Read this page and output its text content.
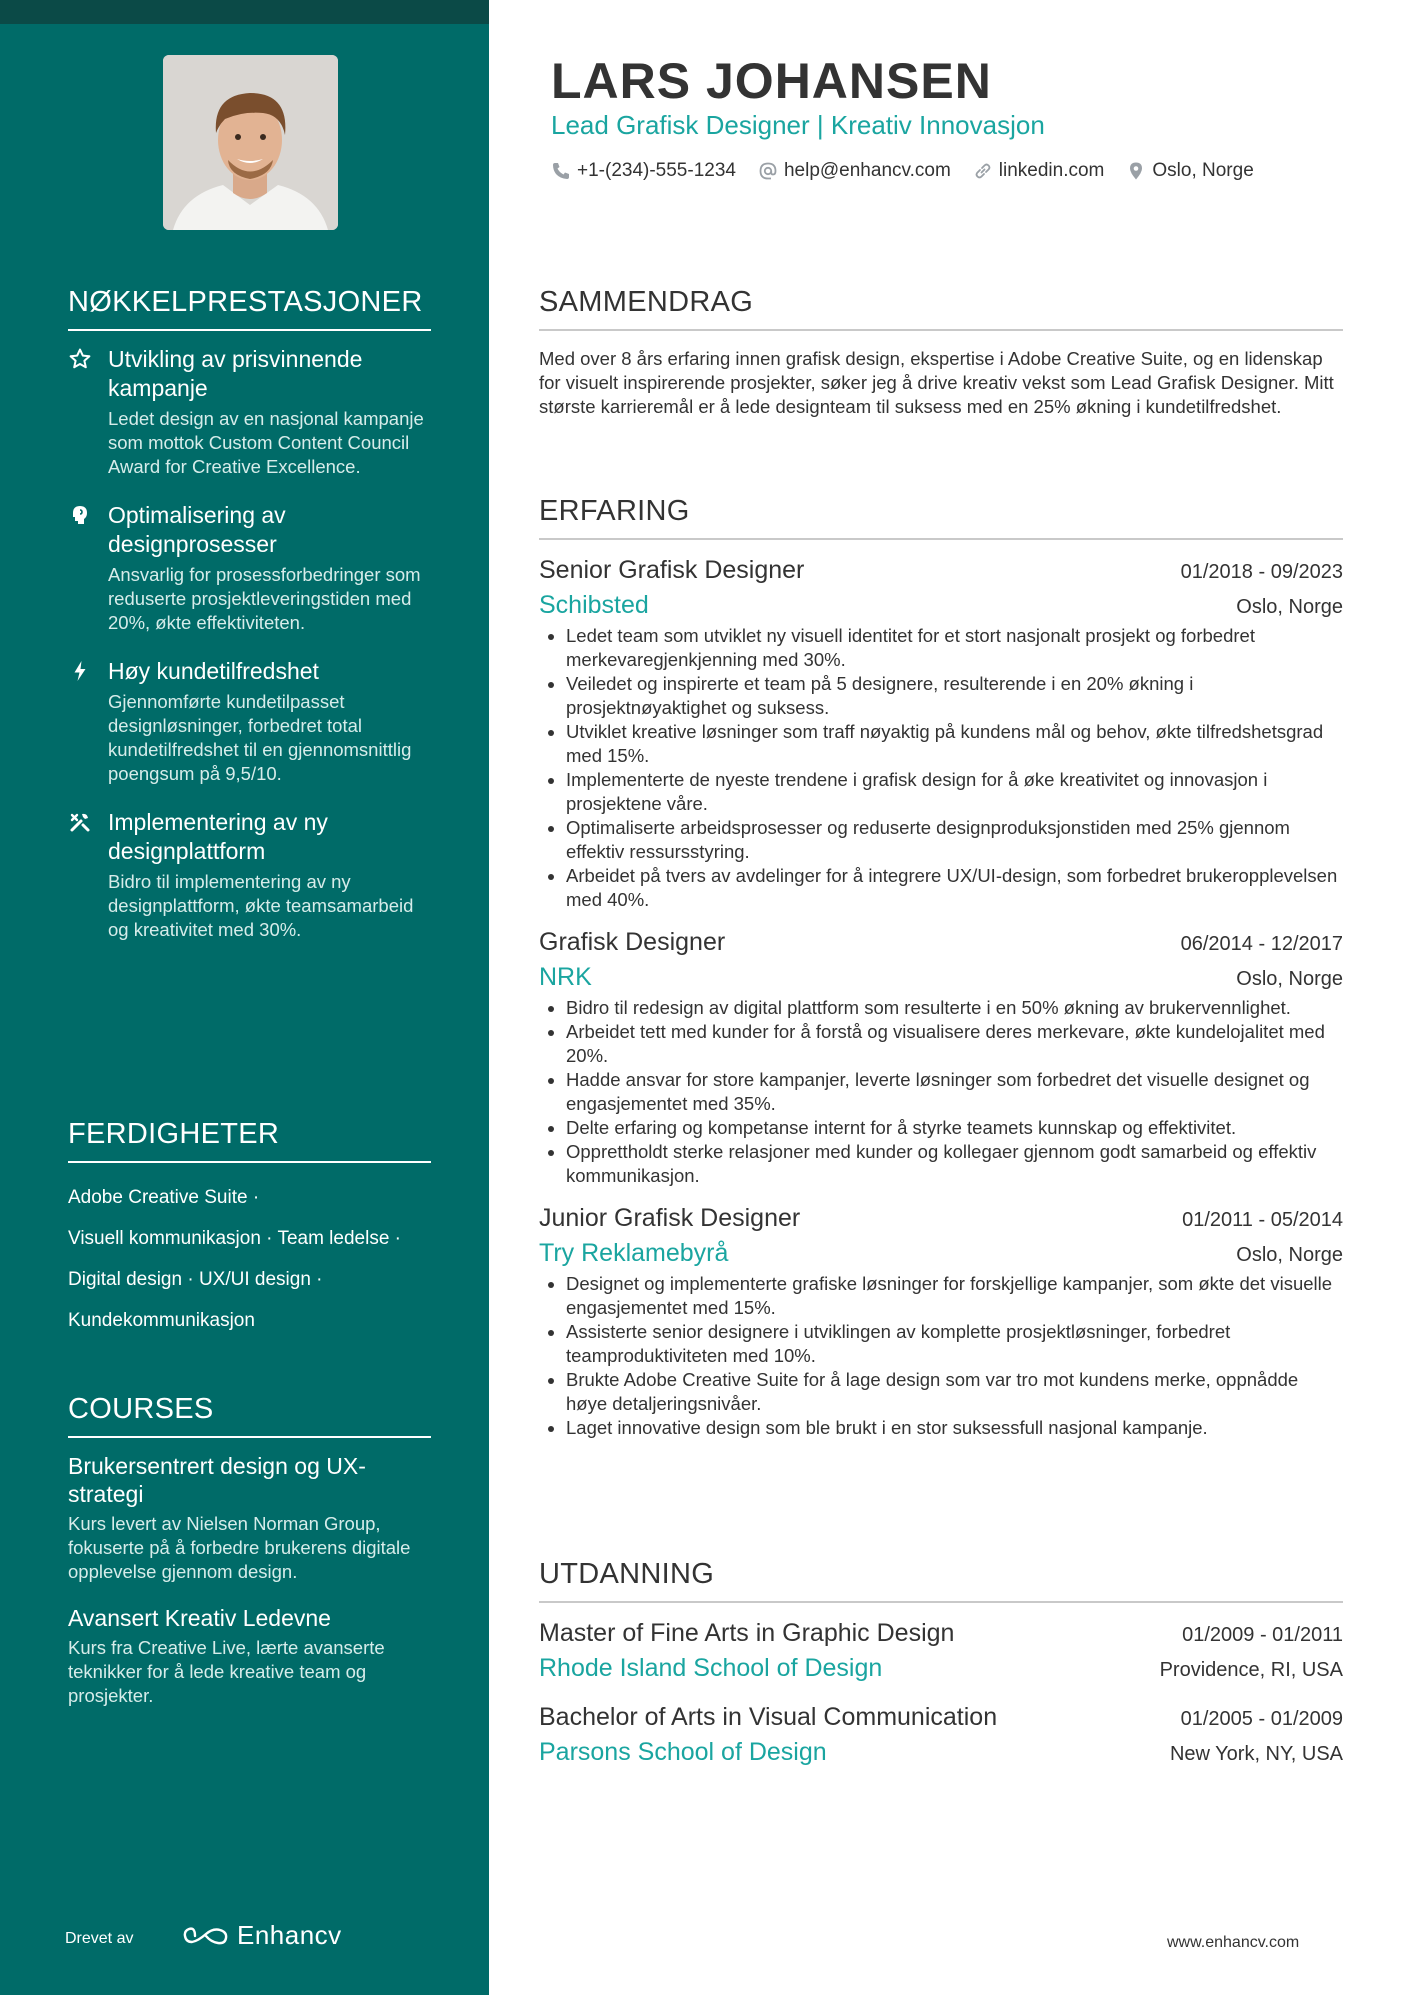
NØKKELPRESTASJONER
Utvikling av prisvinnende kampanje
Ledet design av en nasjonal kampanje som mottok Custom Content Council Award for Creative Excellence.
Optimalisering av designprosesser
Ansvarlig for prosessforbedringer som reduserte prosjektleveringstiden med 20%, økte effektiviteten.
Høy kundetilfredshet
Gjennomførte kundetilpasset designløsninger, forbedret total kundetilfredshet til en gjennomsnittlig poengsum på 9,5/10.
Implementering av ny designplattform
Bidro til implementering av ny designplattform, økte teamsamarbeid og kreativitet med 30%.
FERDIGHETER
Adobe Creative Suite ·
Visuell kommunikasjon · Team ledelse ·
Digital design · UX/UI design ·
Kundekommunikasjon
COURSES
Brukersentrert design og UX-strategi
Kurs levert av Nielsen Norman Group, fokuserte på å forbedre brukerens digitale opplevelse gjennom design.
Avansert Kreativ Ledevne
Kurs fra Creative Live, lærte avanserte teknikker for å lede kreative team og prosjekter.
Drevet av	Enhancv
LARS JOHANSEN
Lead Grafisk Designer | Kreativ Innovasjon
+1-(234)-555-1234	help@enhancv.com	linkedin.com	Oslo, Norge
SAMMENDRAG

Med over 8 års erfaring innen grafisk design, ekspertise i Adobe Creative Suite, og en lidenskap for visuelt inspirerende prosjekter, søker jeg å drive kreativ vekst som Lead Grafisk Designer. Mitt største karrieremål er å lede designteam til suksess med en 25% økning i kundetilfredshet.

ERFARING
Senior Grafisk Designer	01/2018 - 09/2023
Schibsted	Oslo, Norge
Ledet team som utviklet ny visuell identitet for et stort nasjonalt prosjekt og forbedret merkevaregjenkjenning med 30%.
Veiledet og inspirerte et team på 5 designere, resulterende i en 20% økning i prosjektnøyaktighet og suksess.
Utviklet kreative løsninger som traff nøyaktig på kundens mål og behov, økte tilfredshetsgrad med 15%.
Implementerte de nyeste trendene i grafisk design for å øke kreativitet og innovasjon i prosjektene våre.
Optimaliserte arbeidsprosesser og reduserte designproduksjonstiden med 25% gjennom effektiv ressursstyring.
Arbeidet på tvers av avdelinger for å integrere UX/UI-design, som forbedret brukeropplevelsen med 40%.
Grafisk Designer	06/2014 - 12/2017
NRK	Oslo, Norge
Bidro til redesign av digital plattform som resulterte i en 50% økning av brukervennlighet.
Arbeidet tett med kunder for å forstå og visualisere deres merkevare, økte kundelojalitet med 20%.
Hadde ansvar for store kampanjer, leverte løsninger som forbedret det visuelle designet og engasjementet med 35%.
Delte erfaring og kompetanse internt for å styrke teamets kunnskap og effektivitet.
Opprettholdt sterke relasjoner med kunder og kollegaer gjennom godt samarbeid og effektiv kommunikasjon.
Junior Grafisk Designer	01/2011 - 05/2014
Try Reklamebyrå	Oslo, Norge
Designet og implementerte grafiske løsninger for forskjellige kampanjer, som økte det visuelle engasjementet med 15%.
Assisterte senior designere i utviklingen av komplette prosjektløsninger, forbedret teamproduktiviteten med 10%.
Brukte Adobe Creative Suite for å lage design som var tro mot kundens merke, oppnådde høye detaljeringsnivåer.
Laget innovative design som ble brukt i en stor suksessfull nasjonal kampanje.
UTDANNING
Master of Fine Arts in Graphic Design	01/2009 - 01/2011
Rhode Island School of Design	Providence, RI, USA
Bachelor of Arts in Visual Communication	01/2005 - 01/2009
Parsons School of Design	New York, NY, USA
www.enhancv.com
